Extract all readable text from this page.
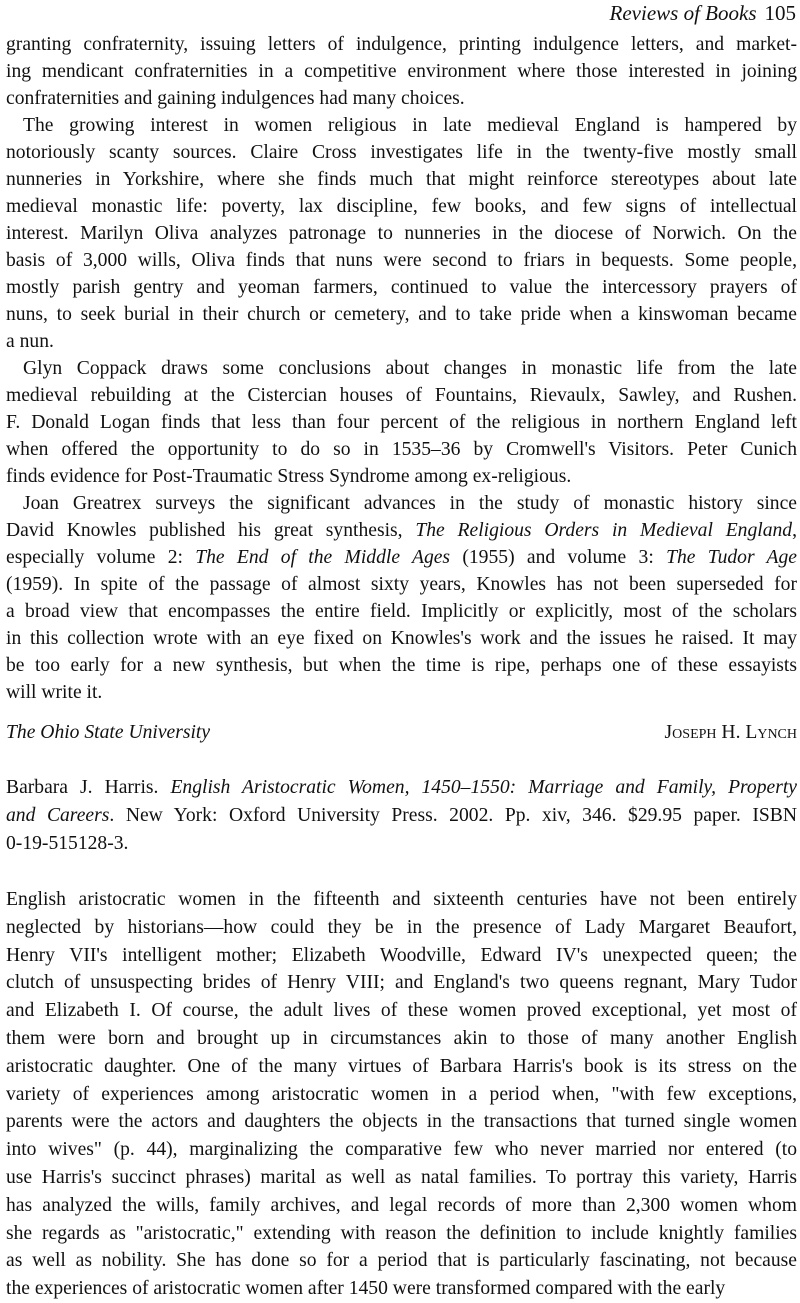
Reviews of Books 105

granting confraternity, issuing letters of indulgence, printing indulgence letters, and market-
ing mendicant confraternities in a competitive environment where those interested in joining
confraternities and gaining indulgences had many choices.

The growing interest in women religious in late medieval England is hampered by
notoriously scanty sources. Claire Cross investigates life in the twenty-five mostly small
nunneries in Yorkshire, where she finds much that might reinforce stereotypes about late
medieval monastic life: poverty, lax discipline, few books, and few signs of intellectual
interest. Marilyn Oliva analyzes patronage to nunneries in the diocese of Norwich. On the
basis of 3,000 wills, Oliva finds that nuns were second to friars in bequests. Some people,
mostly parish gentry and yeoman farmers, continued to value the intercessory prayers of
nuns, to seek burial in their church or cemetery, and to take pride when a kinswoman became
a nun.

Glyn Coppack draws some conclusions about changes in monastic life from the late
medieval rebuilding at the Cistercian houses of Fountains, Rievaulx, Sawley, and Rushen.
F. Donald Logan finds that less than four percent of the religious in northern England left
when offered the opportunity to do so in 1535–36 by Cromwell's Visitors. Peter Cunich
finds evidence for Post-Traumatic Stress Syndrome among ex-religious.

Joan Greatrex surveys the significant advances in the study of monastic history since
David Knowles published his great synthesis, The Religious Orders in Medieval England,
especially volume 2: The End of the Middle Ages (1955) and volume 3: The Tudor Age
(1959). In spite of the passage of almost sixty years, Knowles has not been superseded for
a broad view that encompasses the entire field. Implicitly or explicitly, most of the scholars
in this collection wrote with an eye fixed on Knowles's work and the issues he raised. It may
be too early for a new synthesis, but when the time is ripe, perhaps one of these essayists
will write it.

The Ohio State University	Joseph H. Lynch

Barbara J. Harris. English Aristocratic Women, 1450–1550: Marriage and Family, Property
and Careers. New York: Oxford University Press. 2002. Pp. xiv, 346. $29.95 paper. ISBN
0-19-515128-3.

English aristocratic women in the fifteenth and sixteenth centuries have not been entirely
neglected by historians—how could they be in the presence of Lady Margaret Beaufort,
Henry VII's intelligent mother; Elizabeth Woodville, Edward IV's unexpected queen; the
clutch of unsuspecting brides of Henry VIII; and England's two queens regnant, Mary Tudor
and Elizabeth I. Of course, the adult lives of these women proved exceptional, yet most of
them were born and brought up in circumstances akin to those of many another English
aristocratic daughter. One of the many virtues of Barbara Harris's book is its stress on the
variety of experiences among aristocratic women in a period when, "with few exceptions,
parents were the actors and daughters the objects in the transactions that turned single women
into wives" (p. 44), marginalizing the comparative few who never married nor entered (to
use Harris's succinct phrases) marital as well as natal families. To portray this variety, Harris
has analyzed the wills, family archives, and legal records of more than 2,300 women whom
she regards as "aristocratic," extending with reason the definition to include knightly families
as well as nobility. She has done so for a period that is particularly fascinating, not because
the experiences of aristocratic women after 1450 were transformed compared with the early
